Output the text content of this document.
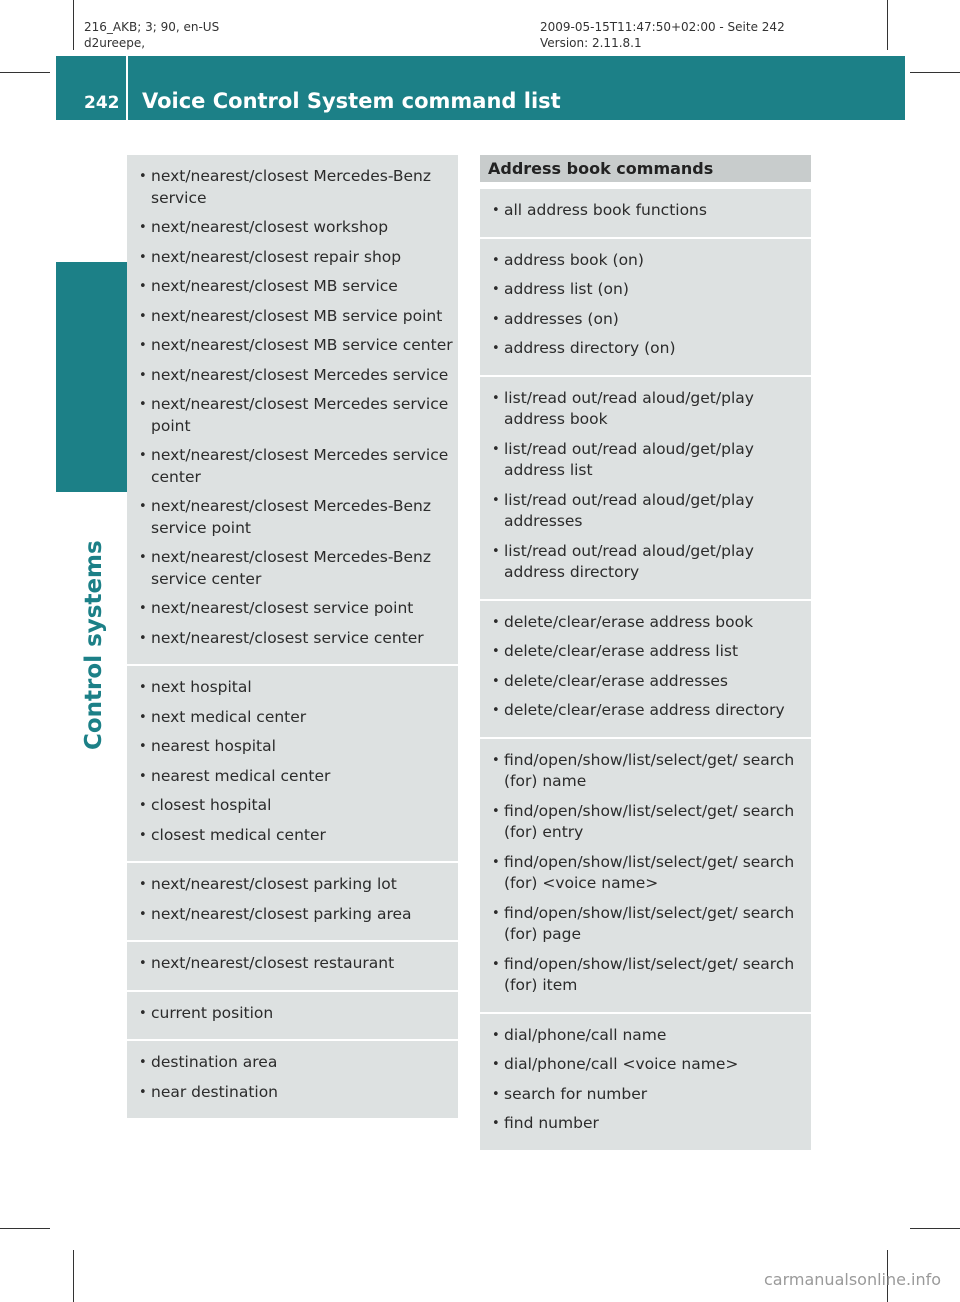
216_AKB; 3; 90, en-US
d2ureepe,
2009-05-15T11:47:50+02:00 - Seite 242
Version: 2.11.8.1
242 Voice Control System command list
Control systems
• next/nearest/closest Mercedes-Benz service
• next/nearest/closest workshop
• next/nearest/closest repair shop
• next/nearest/closest MB service
• next/nearest/closest MB service point
• next/nearest/closest MB service center
• next/nearest/closest Mercedes service
• next/nearest/closest Mercedes service point
• next/nearest/closest Mercedes service center
• next/nearest/closest Mercedes-Benz service point
• next/nearest/closest Mercedes-Benz service center
• next/nearest/closest service point
• next/nearest/closest service center
• next hospital
• next medical center
• nearest hospital
• nearest medical center
• closest hospital
• closest medical center
• next/nearest/closest parking lot
• next/nearest/closest parking area
• next/nearest/closest restaurant
• current position
• destination area
• near destination
Address book commands
• all address book functions
• address book (on)
• address list (on)
• addresses (on)
• address directory (on)
• list/read out/read aloud/get/play address book
• list/read out/read aloud/get/play address list
• list/read out/read aloud/get/play addresses
• list/read out/read aloud/get/play address directory
• delete/clear/erase address book
• delete/clear/erase address list
• delete/clear/erase addresses
• delete/clear/erase address directory
• find/open/show/list/select/get/ search (for) name
• find/open/show/list/select/get/ search (for) entry
• find/open/show/list/select/get/ search (for) <voice name>
• find/open/show/list/select/get/ search (for) page
• find/open/show/list/select/get/ search (for) item
• dial/phone/call name
• dial/phone/call <voice name>
• search for number
• find number
carmanualsonline.info
